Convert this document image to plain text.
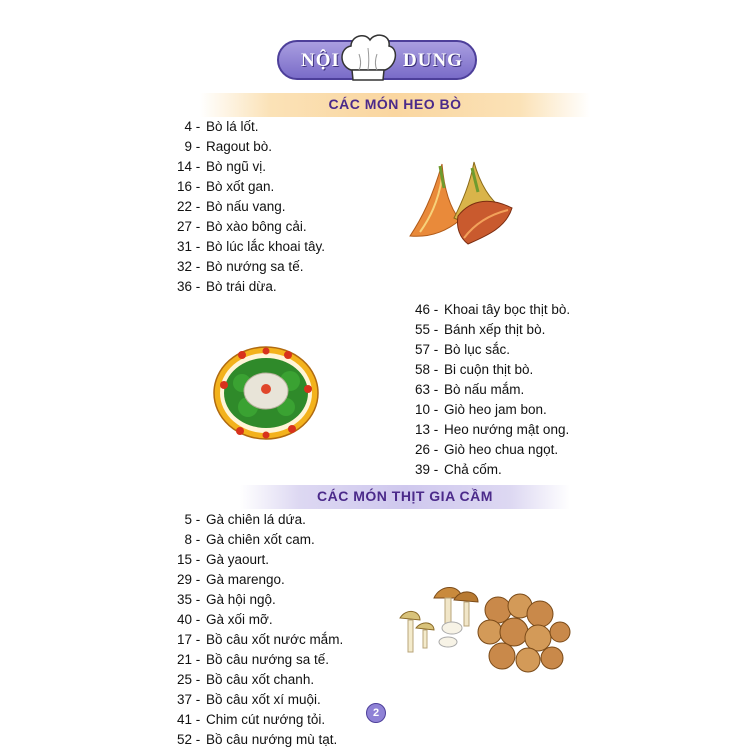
NỘI	DUNG
CÁC MÓN HEO BÒ
4 - Bò lá lốt.
9 - Ragout bò.
14 - Bò ngũ vị.
16 - Bò xốt gan.
22 - Bò nấu vang.
27 - Bò xào bông cải.
31 - Bò lúc lắc khoai tây.
32 - Bò nướng sa tế.
36 - Bò trái dừa.
46 - Khoai tây bọc thịt bò.
55 - Bánh xếp thịt bò.
57 - Bò lục sắc.
58 - Bi cuộn thịt bò.
63 - Bò nấu mắm.
10 - Giò heo jam bon.
13 - Heo nướng mật ong.
26 - Giò heo chua ngọt.
39 - Chả cốm.
CÁC MÓN THỊT GIA CẦM
5 - Gà chiên lá dứa.
8 - Gà chiên xốt cam.
15 - Gà yaourt.
29 - Gà marengo.
35 - Gà hội ngộ.
40 - Gà xối mỡ.
17 - Bồ câu xốt nước mắm.
21 - Bồ câu nướng sa tế.
25 - Bồ câu xốt chanh.
37 - Bồ câu xốt xí muội.
41 - Chim cút nướng tỏi.
52 - Bồ câu nướng mù tạt.
2
